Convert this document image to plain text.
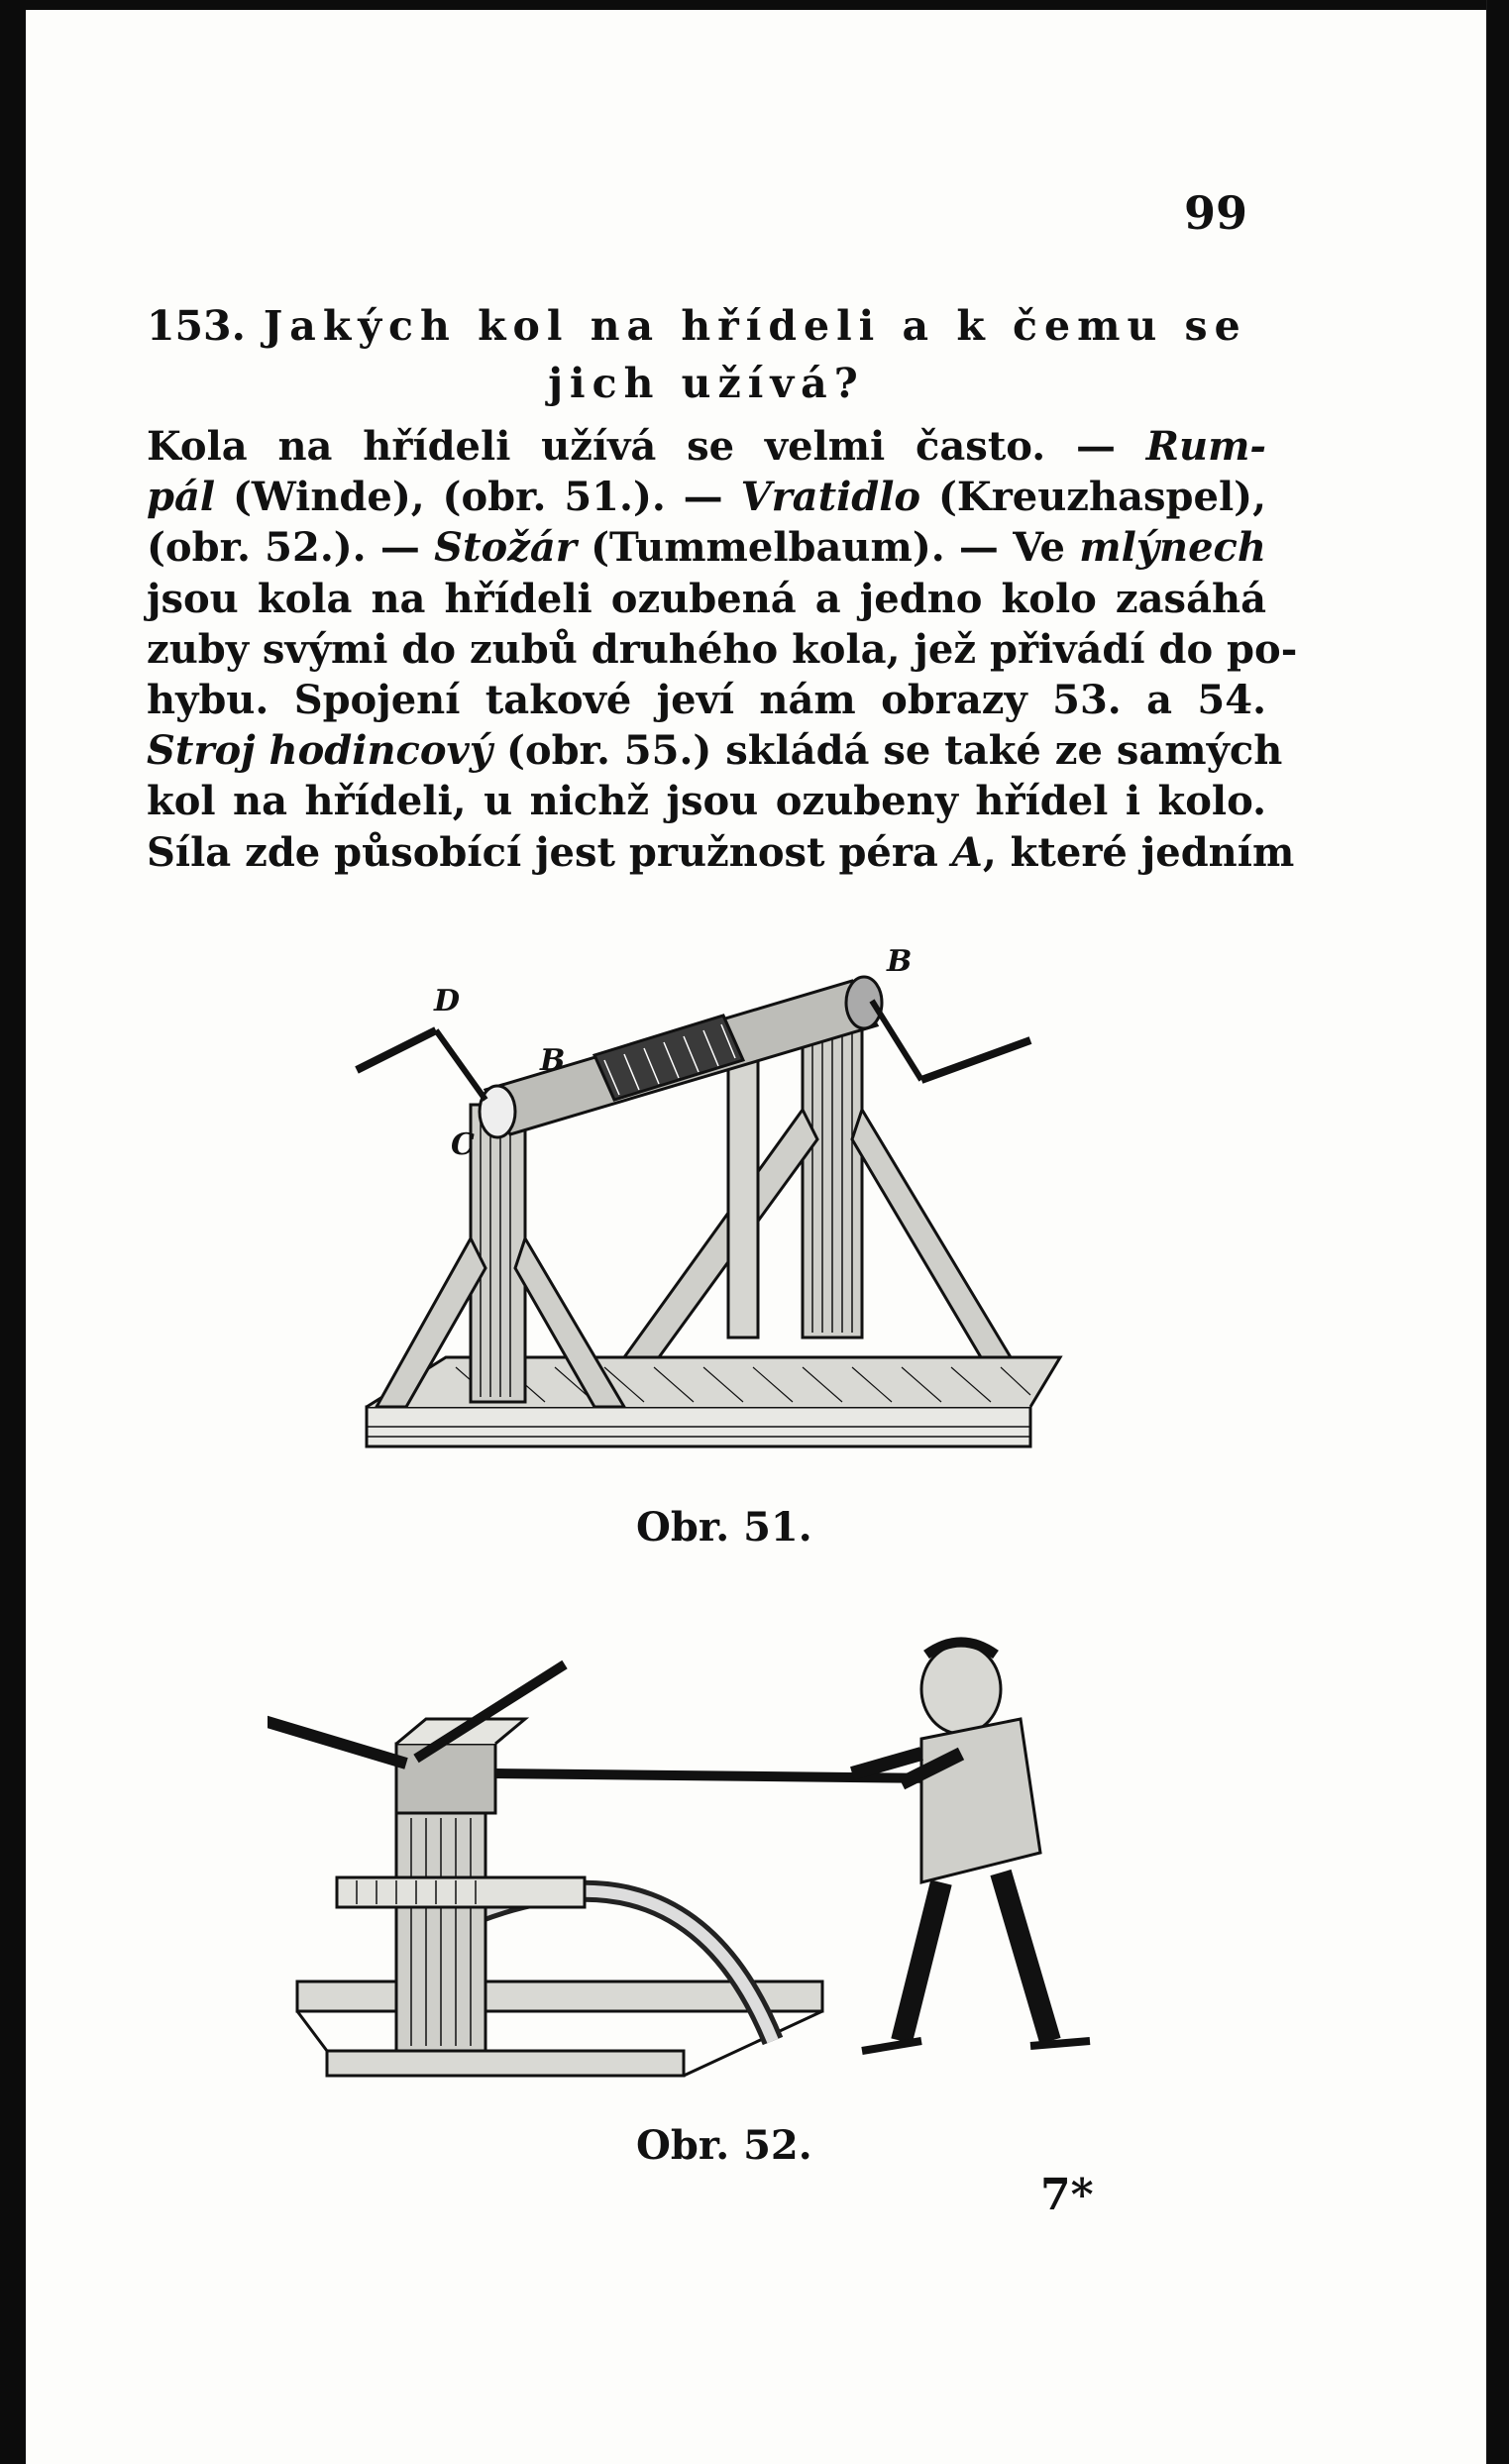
99
153. Jakých kol na hřídeli a k čemu se
jich užívá?
Kola na hřídeli užívá se velmi často. — Rum-
pál (Winde), (obr. 51.). — Vratidlo (Kreuzhaspel),
(obr. 52.). — Stožár (Tummelbaum). — Ve mlýnech
jsou kola na hřídeli ozubená a jedno kolo zasáhá
zuby svými do zubů druhého kola, jež přivádí do po-
hybu. Spojení takové jeví nám obrazy 53. a 54.
Stroj hodincový (obr. 55.) skládá se také ze samých
kol na hřídeli, u nichž jsou ozubeny hřídel i kolo.
Síla zde působící jest pružnost péra A, které jedním
D
B
B
C
Obr. 51.
Obr. 52.
7*
